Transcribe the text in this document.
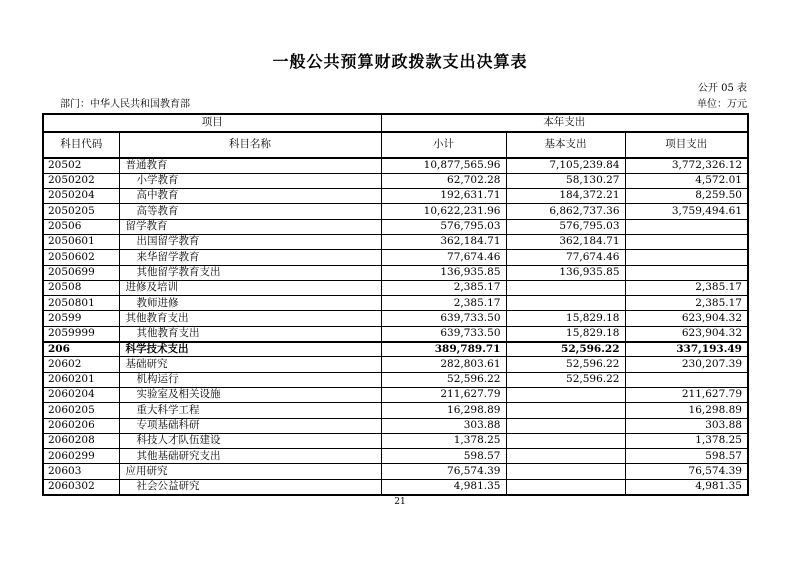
一般公共预算财政拨款支出决算表
公开 05 表
部门：中华人民共和国教育部	单位：万元
项目		本年支出		
科目代码	科目名称	小计	基本支出	项目支出
20502	普通教育	10,877,565.96	7,105,239.84	3,772,326.12
2050202	小学教育	62,702.28	58,130.27	4,572.01
2050204	高中教育	192,631.71	184,372.21	8,259.50
2050205	高等教育	10,622,231.96	6,862,737.36	3,759,494.61
20506	留学教育	576,795.03	576,795.03	
2050601	出国留学教育	362,184.71	362,184.71	
2050602	来华留学教育	77,674.46	77,674.46	
2050699	其他留学教育支出	136,935.85	136,935.85	
20508	进修及培训	2,385.17		2,385.17
2050801	教师进修	2,385.17		2,385.17
20599	其他教育支出	639,733.50	15,829.18	623,904.32
2059999	其他教育支出	639,733.50	15,829.18	623,904.32
206	科学技术支出	389,789.71	52,596.22	337,193.49
20602	基础研究	282,803.61	52,596.22	230,207.39
2060201	机构运行	52,596.22	52,596.22	
2060204	实验室及相关设施	211,627.79		211,627.79
2060205	重大科学工程	16,298.89		16,298.89
2060206	专项基础科研	303.88		303.88
2060208	科技人才队伍建设	1,378.25		1,378.25
2060299	其他基础研究支出	598.57		598.57
20603	应用研究	76,574.39		76,574.39
2060302	社会公益研究	4,981.35		4,981.35
21
